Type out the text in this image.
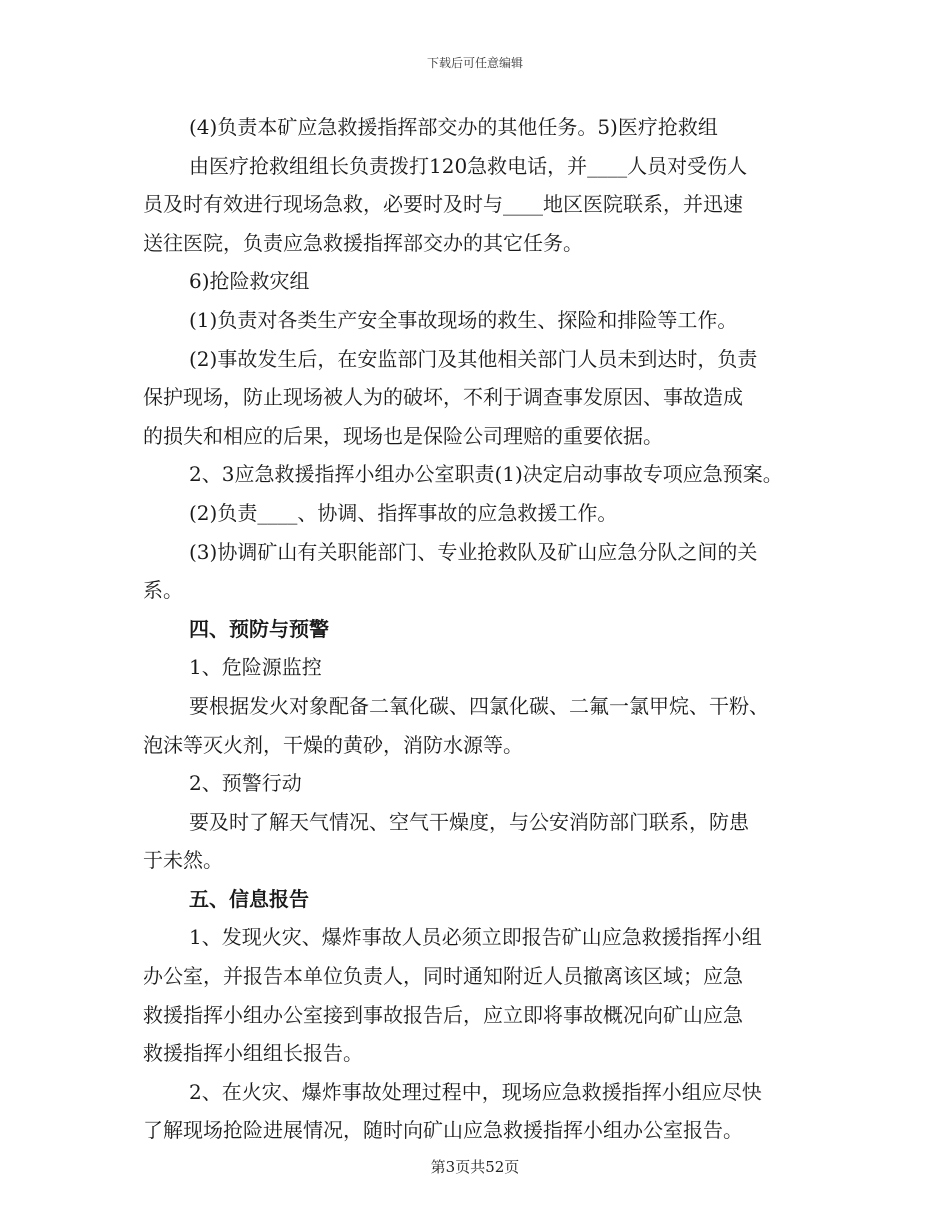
下载后可任意编辑
(4)负责本矿应急救援指挥部交办的其他任务。5)医疗抢救组
由医疗抢救组组长负责拨打120急救电话，并____人员对受伤人
员及时有效进行现场急救，必要时及时与____地区医院联系，并迅速
送往医院，负责应急救援指挥部交办的其它任务。
6)抢险救灾组
(1)负责对各类生产安全事故现场的救生、探险和排险等工作。
(2)事故发生后，在安监部门及其他相关部门人员未到达时，负责
保护现场，防止现场被人为的破坏，不利于调查事发原因、事故造成
的损失和相应的后果，现场也是保险公司理赔的重要依据。
2、3应急救援指挥小组办公室职责(1)决定启动事故专项应急预案。
(2)负责____、协调、指挥事故的应急救援工作。
(3)协调矿山有关职能部门、专业抢救队及矿山应急分队之间的关
系。
四、预防与预警
1、危险源监控
要根据发火对象配备二氧化碳、四氯化碳、二氟一氯甲烷、干粉、
泡沫等灭火剂，干燥的黄砂，消防水源等。
2、预警行动
要及时了解天气情况、空气干燥度，与公安消防部门联系，防患
于未然。
五、信息报告
1、发现火灾、爆炸事故人员必须立即报告矿山应急救援指挥小组
办公室，并报告本单位负责人，同时通知附近人员撤离该区域；应急
救援指挥小组办公室接到事故报告后，应立即将事故概况向矿山应急
救援指挥小组组长报告。
2、在火灾、爆炸事故处理过程中，现场应急救援指挥小组应尽快
了解现场抢险进展情况，随时向矿山应急救援指挥小组办公室报告。
第3页共52页
